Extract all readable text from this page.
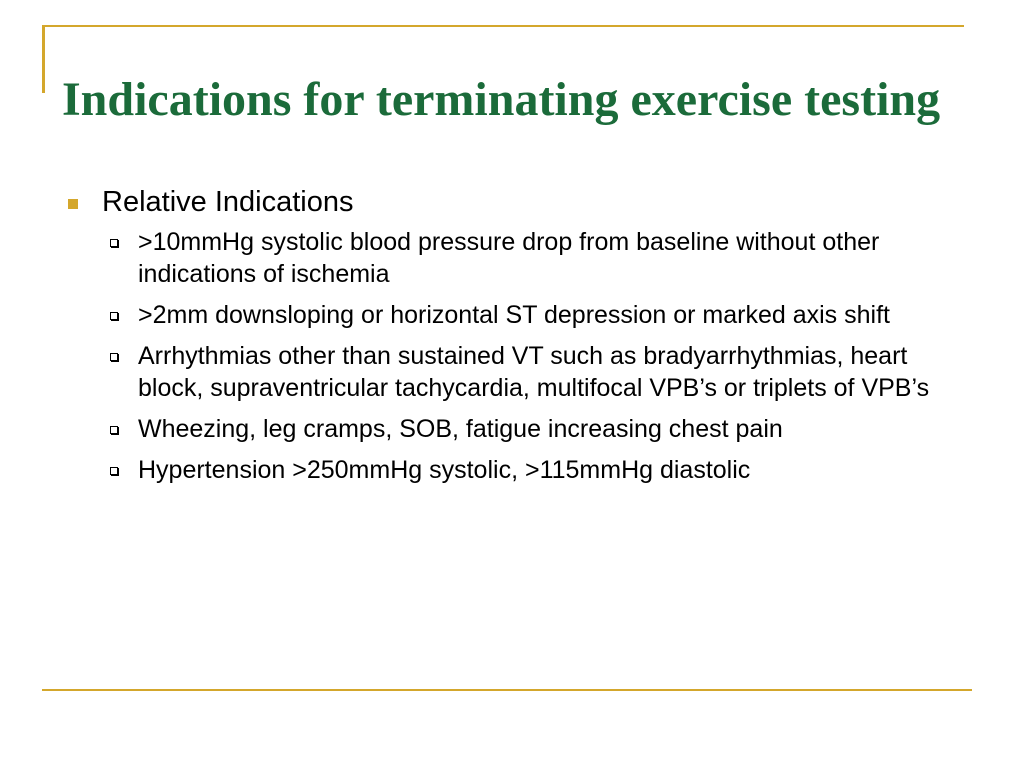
Indications for terminating exercise testing
Relative Indications
>10mmHg systolic blood pressure drop from baseline without other indications of ischemia
>2mm downsloping or horizontal ST depression or marked axis shift
Arrhythmias other than sustained VT such as bradyarrhythmias, heart block, supraventricular tachycardia, multifocal VPB’s or triplets of VPB’s
Wheezing, leg cramps, SOB, fatigue increasing chest pain
Hypertension >250mmHg systolic, >115mmHg diastolic
